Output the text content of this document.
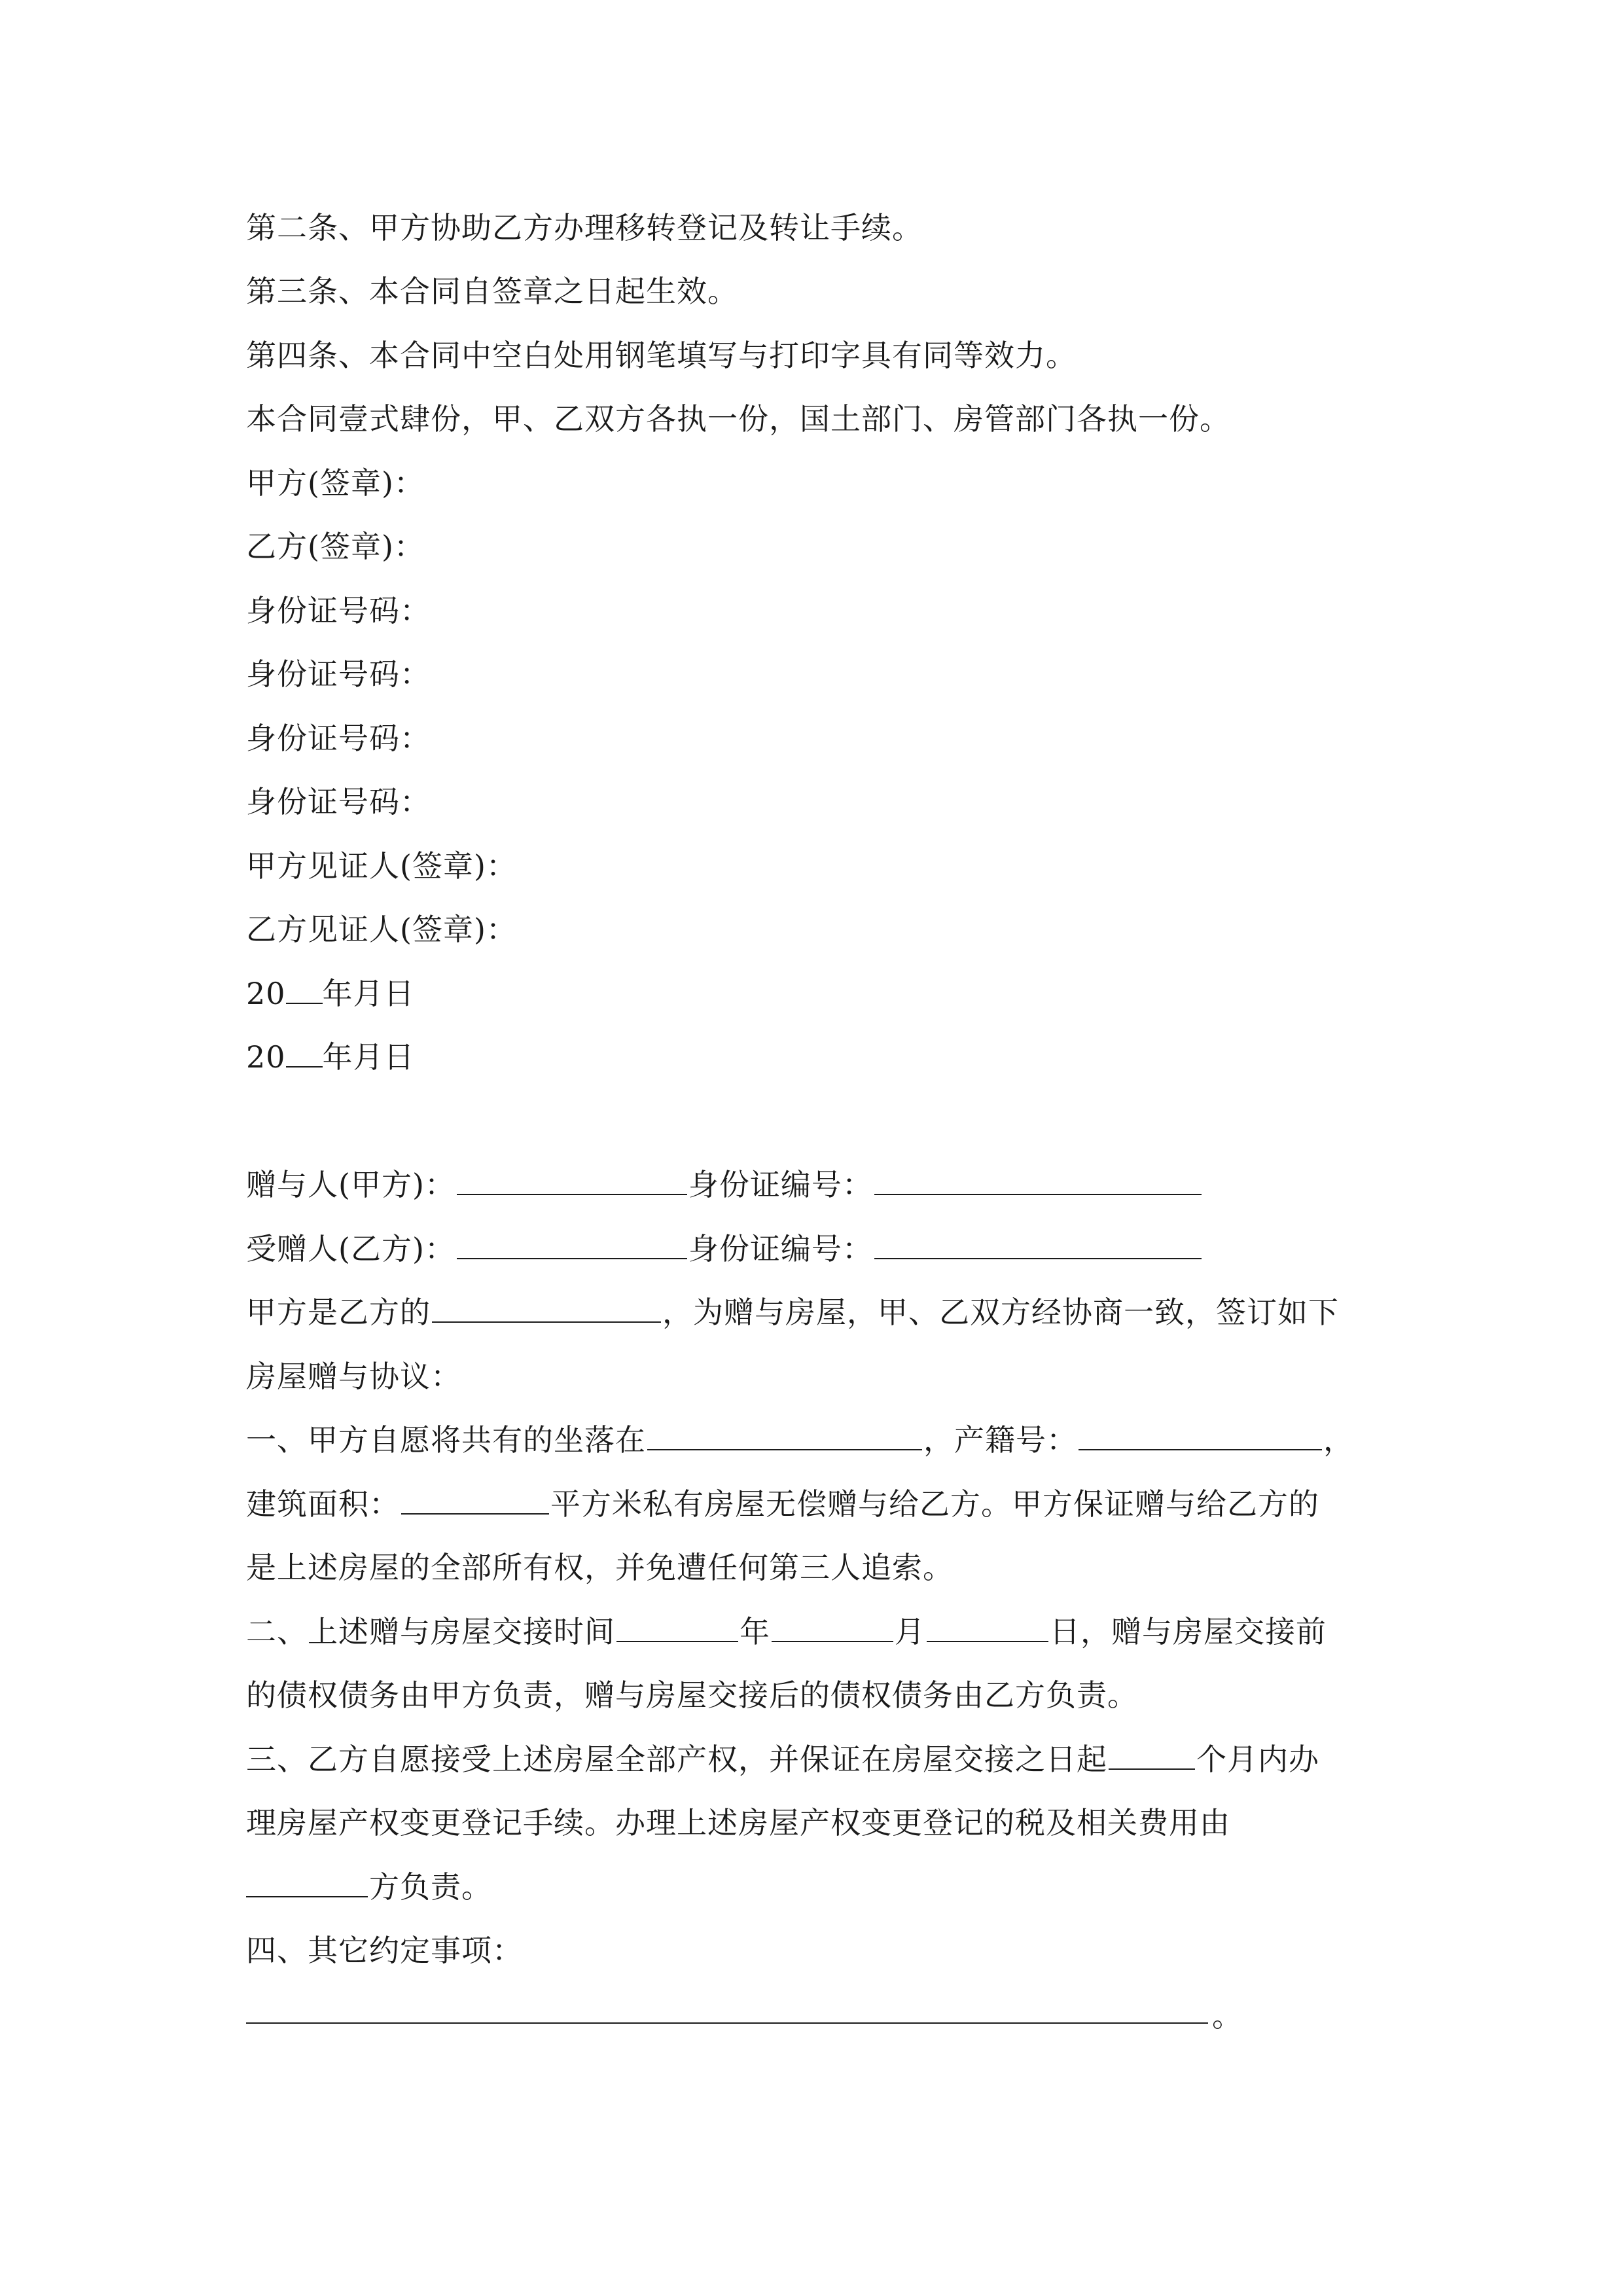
第二条、甲方协助乙方办理移转登记及转让手续。
第三条、本合同自签章之日起生效。
第四条、本合同中空白处用钢笔填写与打印字具有同等效力。
本合同壹式肆份，甲、乙双方各执一份，国土部门、房管部门各执一份。
甲方(签章)：
乙方(签章)：
身份证号码：
身份证号码：
身份证号码：
身份证号码：
甲方见证人(签章)：
乙方见证人(签章)：
20 年月日
20 年月日
赠与人(甲方)：	身份证编号：
受赠人(乙方)：	身份证编号：
甲方是乙方的	，为赠与房屋，甲、乙双方经协商一致，签订如下
房屋赠与协议：
一、甲方自愿将共有的坐落在	，产籍号：	，
建筑面积：	平方米私有房屋无偿赠与给乙方。甲方保证赠与给乙方的
是上述房屋的全部所有权，并免遭任何第三人追索。
二、上述赠与房屋交接时间	年	月	日，赠与房屋交接前
的债权债务由甲方负责，赠与房屋交接后的债权债务由乙方负责。
三、乙方自愿接受上述房屋全部产权，并保证在房屋交接之日起	个月内办
理房屋产权变更登记手续。办理上述房屋产权变更登记的税及相关费用由
方负责。
四、其它约定事项：
。
